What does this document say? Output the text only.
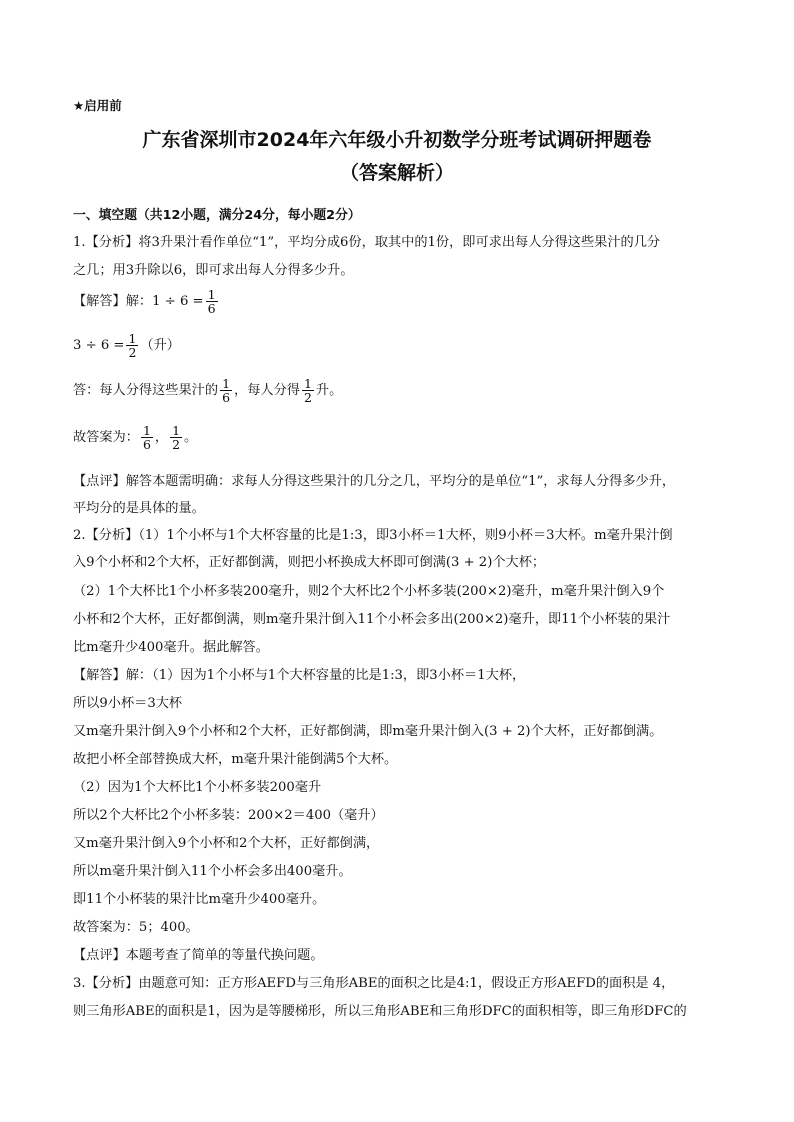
★启用前
广东省深圳市2024年六年级小升初数学分班考试调研押题卷
（答案解析）
一、填空题（共12小题，满分24分，每小题2分）
1.【分析】将3升果汁看作单位“1”，平均分成6份，取其中的1份，即可求出每人分得这些果汁的几分
之几；用3升除以6，即可求出每人分得多少升。
【解答】解：$1 \div 6 = \frac{1}{6}$
$3 \div 6 = \frac{1}{2}$ （升）
答：每人分得这些果汁的 $\frac{1}{6}$ ，每人分得 $\frac{1}{2}$ 升。
故答案为： $\frac{1}{6}$ ， $\frac{1}{2}$ 。
【点评】解答本题需明确：求每人分得这些果汁的几分之几，平均分的是单位“1”，求每人分得多少升，
平均分的是具体的量。
2.【分析】（1）1个小杯与1个大杯容量的比是1:3，即3小杯＝1大杯，则9小杯＝3大杯。m毫升果汁倒
入9个小杯和2个大杯，正好都倒满，则把小杯换成大杯即可倒满(3 + 2)个大杯；
（2）1个大杯比1个小杯多装200毫升，则2个大杯比2个小杯多装(200×2)毫升，m毫升果汁倒入9个
小杯和2个大杯，正好都倒满，则m毫升果汁倒入11个小杯会多出(200×2)毫升，即11个小杯装的果汁
比m毫升少400毫升。据此解答。
【解答】解：（1）因为1个小杯与1个大杯容量的比是1:3，即3小杯＝1大杯，
所以9小杯＝3大杯
又m毫升果汁倒入9个小杯和2个大杯，正好都倒满，即m毫升果汁倒入(3 + 2)个大杯，正好都倒满。
故把小杯全部替换成大杯，m毫升果汁能倒满5个大杯。
（2）因为1个大杯比1个小杯多装200毫升
所以2个大杯比2个小杯多装：200×2＝400（毫升）
又m毫升果汁倒入9个小杯和2个大杯，正好都倒满，
所以m毫升果汁倒入11个小杯会多出400毫升。
即11个小杯装的果汁比m毫升少400毫升。
故答案为：5；400。
【点评】本题考查了简单的等量代换问题。
3.【分析】由题意可知：正方形AEFD与三角形ABE的面积之比是4:1，假设正方形AEFD的面积是 4，
则三角形ABE的面积是1，因为是等腰梯形，所以三角形ABE和三角形DFC的面积相等，即三角形DFC的
